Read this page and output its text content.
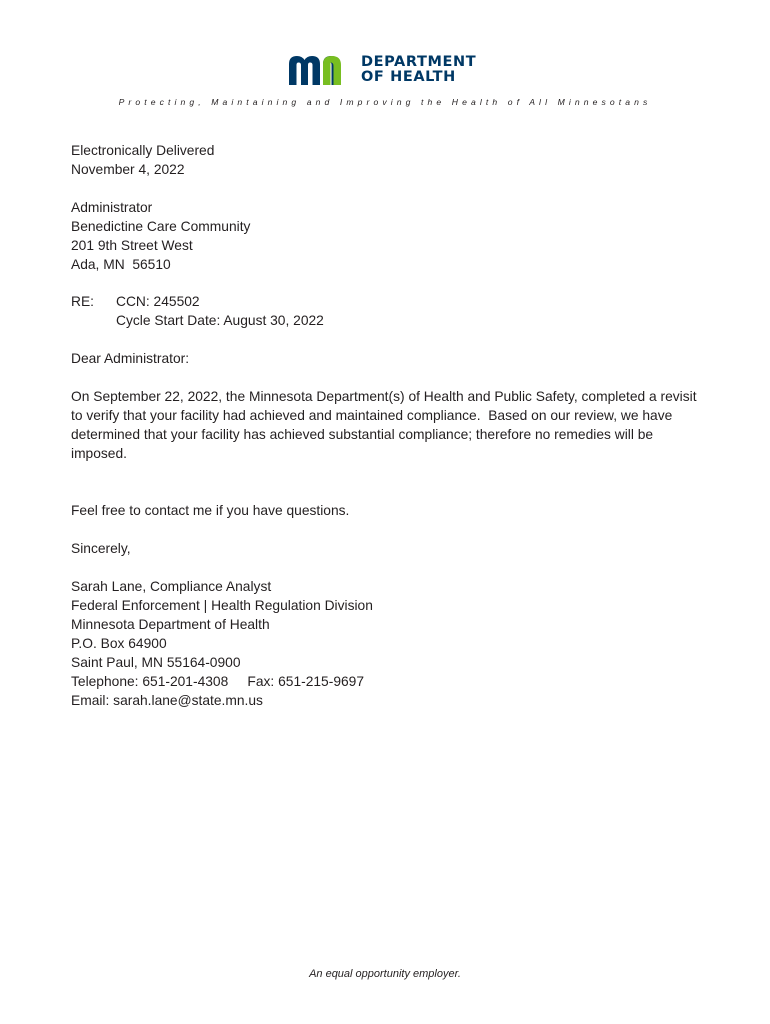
DEPARTMENT
OF HEALTH
Protecting, Maintaining and Improving the Health of All Minnesotans
Electronically Delivered
November 4, 2022
Administrator
Benedictine Care Community
201 9th Street West
Ada, MN  56510
RE: CCN: 245502
Cycle Start Date: August 30, 2022
Dear Administrator:
On September 22, 2022, the Minnesota Department(s) of Health and Public Safety, completed a revisit
to verify that your facility had achieved and maintained compliance.  Based on our review, we have
determined that your facility has achieved substantial compliance; therefore no remedies will be
imposed.
Feel free to contact me if you have questions.
Sincerely,
Sarah Lane, Compliance Analyst
Federal Enforcement | Health Regulation Division
Minnesota Department of Health
P.O. Box 64900
Saint Paul, MN 55164-0900
Telephone: 651-201-4308     Fax: 651-215-9697
Email: sarah.lane@state.mn.us
An equal opportunity employer.
